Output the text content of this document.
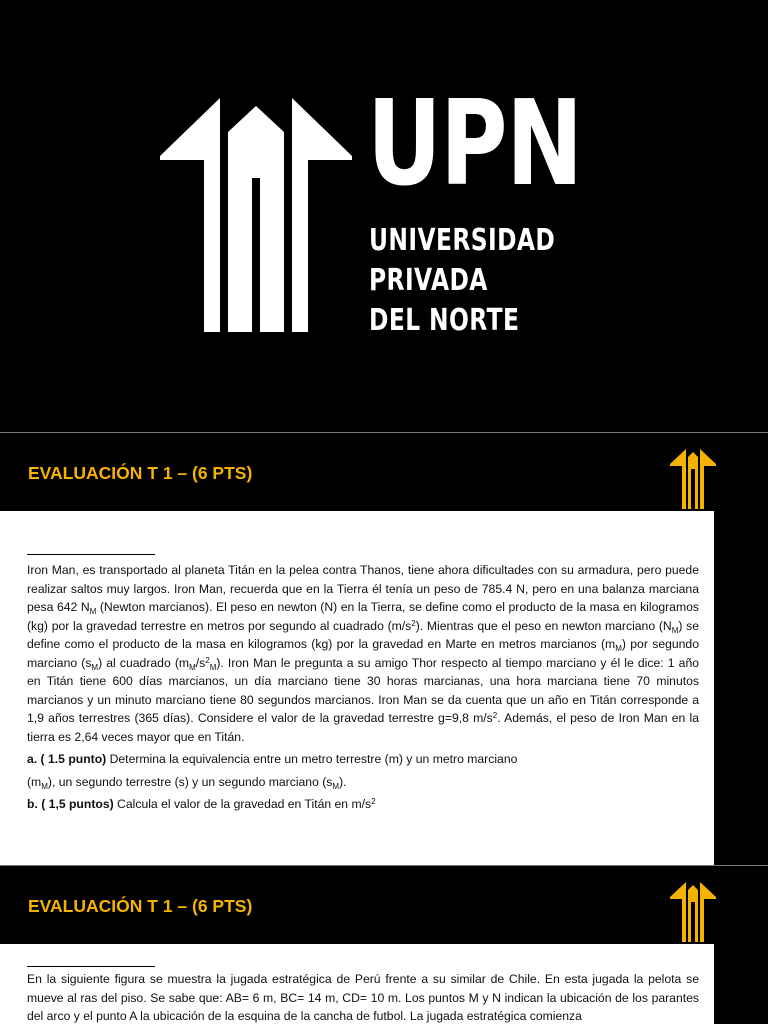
UPN
UNIVERSIDAD
PRIVADA
DEL NORTE
EVALUACIÓN T 1 – (6 PTS)

Iron Man, es transportado al planeta Titán en la pelea contra Thanos, tiene ahora dificultades con su armadura, pero puede realizar saltos muy largos. Iron Man, recuerda que en la Tierra él tenía un peso de 785.4 N, pero en una balanza marciana pesa 642 $N_M$ (Newton marcianos). El peso en newton (N) en la Tierra, se define como el producto de la masa en kilogramos (kg) por la gravedad terrestre en metros por segundo al cuadrado $(m/s^2)$. Mientras que el peso en newton marciano $(N_M)$ se define como el producto de la masa en kilogramos (kg) por la gravedad en Marte en metros marcianos $(m_M)$ por segundo marciano $(s_M)$ al cuadrado $(m_M/s^2_M)$. Iron Man le pregunta a su amigo Thor respecto al tiempo marciano y él le dice: 1 año en Titán tiene 600 días marcianos, un día marciano tiene 30 horas marcianas, una hora marciana tiene 70 minutos marcianos y un minuto marciano tiene 80 segundos marcianos. Iron Man se da cuenta que un año en Titán corresponde a 1,9 años terrestres (365 días). Considere el valor de la gravedad terrestre g=9,8 $m/s^2$. Además, el peso de Iron Man en la tierra es 2,64 veces mayor que en Titán.

a. ( 1.5 punto) Determina la equivalencia entre un metro terrestre (m) y un metro marciano

$(m_M)$, un segundo terrestre (s) y un segundo marciano $(s_M)$.

b. ( 1,5 puntos) Calcula el valor de la gravedad en Titán en $m/s^2$

EVALUACIÓN T 1 – (6 PTS)

En la siguiente figura se muestra la jugada estratégica de Perú frente a su similar de Chile. En esta jugada la pelota se mueve al ras del piso. Se sabe que: AB= 6 m, BC= 14 m, CD= 10 m. Los puntos M y N indican la ubicación de los parantes del arco y el punto A la ubicación de la esquina de la cancha de futbol. La jugada estratégica comienza
